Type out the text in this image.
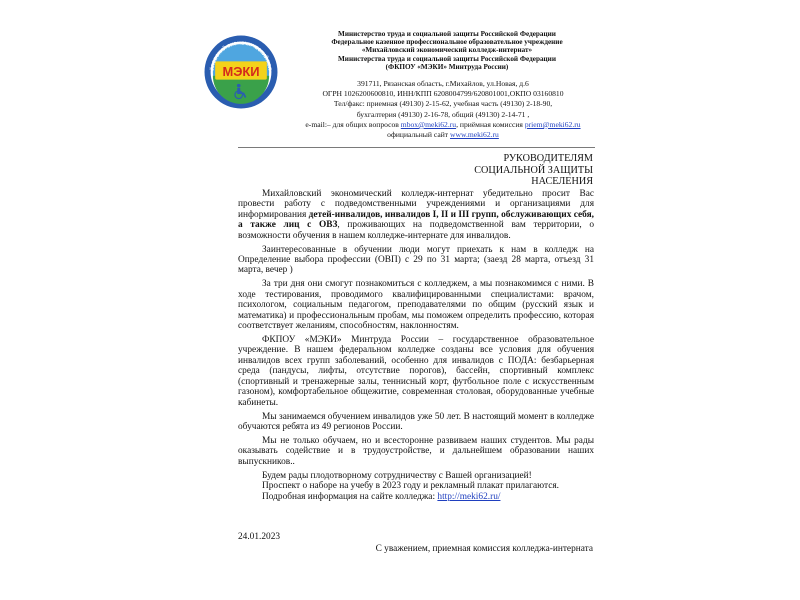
МЭКИ
ЙЛОВСКИЙ ЭКОНОМИЧЕСКИЙ КОЛ
Министерство труда и социальной защиты Российской Федерации
Федеральное казенное профессиональное образовательное учреждение
«Михайловский экономический колледж-интернат»
Министерства труда и социальной защиты Российской Федерации
(ФКПОУ «МЭКИ» Минтруда России)
391711, Рязанская область, г.Михайлов, ул.Новая, д.6
ОГРН 1026200600810, ИНН/КПП 6208004799/620801001,ОКПО 03160810
Тел/факс: приемная (49130) 2-15-62, учебная часть (49130) 2-18-90,
бухгалтерия (49130) 2-16-78, общий (49130) 2-14-71 ,
e-mail:– для общих вопросов mbox@meki62.ru, приёмная комиссия priem@meki62.ru
официальный сайт www.meki62.ru
РУКОВОДИТЕЛЯМ
СОЦИАЛЬНОЙ ЗАЩИТЫ
НАСЕЛЕНИЯ

Михайловский экономический колледж-интернат убедительно просит Вас провести работу с подведомственными учреждениями и организациями для информирования детей-инвалидов, инвалидов I, II и III групп, обслуживающих себя, а также лиц с ОВЗ, проживающих на подведомственной вам территории, о возможности обучения в нашем колледже-интернате для инвалидов.

Заинтересованные в обучении люди могут приехать к нам в колледж на Определение выбора профессии (ОВП) с 29 по 31 марта; (заезд 28 марта, отъезд 31 марта, вечер )

За три дня они смогут познакомиться с колледжем, а мы познакомимся с ними. В ходе тестирования, проводимого квалифицированными специалистами: врачом, психологом, социальным педагогом, преподавателями по общим (русский язык и математика) и профессиональным пробам, мы поможем определить профессию, которая соответствует желаниям, способностям, наклонностям.

ФКПОУ «МЭКИ» Минтруда России – государственное образовательное учреждение. В нашем федеральном колледже созданы все условия для обучения инвалидов всех групп заболеваний, особенно для инвалидов с ПОДА: безбарьерная среда (пандусы, лифты, отсутствие порогов), бассейн, спортивный комплекс (спортивный и тренажерные залы, теннисный корт, футбольное поле с искусственным газоном), комфортабельное общежитие, современная столовая, оборудованные учебные кабинеты.

Мы занимаемся обучением инвалидов уже 50 лет. В настоящий момент в колледже обучаются ребята из 49 регионов России.

Мы не только обучаем, но и всесторонне развиваем наших студентов. Мы рады оказывать содействие и в трудоустройстве, и дальнейшем образовании наших выпускников..

Будем рады плодотворному сотрудничеству с Вашей организацией!

Проспект о наборе на учебу в 2023 году и рекламный плакат прилагаются.

Подробная информация на сайте колледжа: http://meki62.ru/

24.01.2023
С уважением, приемная комиссия колледжа-интерната
